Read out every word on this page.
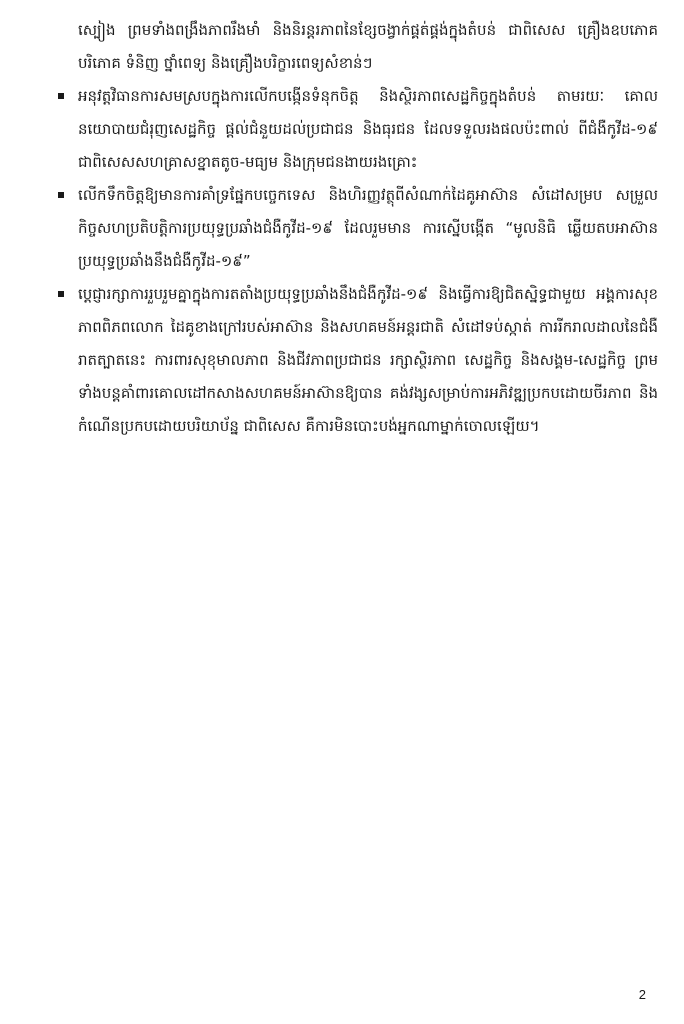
ស្បៀង ព្រមទាំងពង្រឹងភាពរឹងមាំ និងនិរន្តរភាពនៃខ្សែចង្វាក់ផ្គត់ផ្គង់ក្នុងតំបន់ ជាពិសេស គ្រឿងឧបភោគបរិភោគ ទំនិញ ថ្នាំពេទ្យ និងគ្រឿងបរិក្ខារពេទ្យសំខាន់ៗ

អនុវត្តវិធានការសមស្របក្នុងការលើកបង្កើនទំនុកចិត្ត និងស្ថិរភាពសេដ្ឋកិច្ចក្នុងតំបន់ តាមរយៈ គោលនយោបាយជំរុញសេដ្ឋកិច្ច ផ្តល់ជំនួយដល់ប្រជាជន និងធុរជន ដែលទទួលរងផលប៉ះពាល់ ពីជំងឺកូវីដ-១៩ ជាពិសេសសហគ្រាសខ្នាតតូច-មធ្យម និងក្រុមជនងាយរងគ្រោះ

លើកទឹកចិត្តឱ្យមានការគាំទ្រផ្នែកបច្ចេកទេស និងហិរញ្ញវត្ថុពីសំណាក់ដៃគូអាស៊ាន សំដៅសម្រប សម្រួលកិច្ចសហប្រតិបត្តិការប្រយុទ្ធប្រឆាំងជំងឺកូវីដ-១៩ ដែលរួមមាន ការស្នើបង្កើត “មូលនិធិ ឆ្លើយតបអាស៊ានប្រយុទ្ធប្រឆាំងនឹងជំងឺកូវីដ-១៩”

ប្តេជ្ញារក្សាការរួបរួមគ្នាក្នុងការតតាំងប្រយុទ្ធប្រឆាំងនឹងជំងឺកូវីដ-១៩ និងធ្វើការឱ្យជិតស្និទ្ធជាមួយ អង្គការសុខភាពពិភពលោក ដៃគូខាងក្រៅរបស់អាស៊ាន និងសហគមន៍អន្តរជាតិ សំដៅទប់ស្កាត់ ការរីករាលដាលនៃជំងឺរាតត្បាតនេះ ការពារសុខុមាលភាព និងជីវភាពប្រជាជន រក្សាស្ថិរភាព សេដ្ឋកិច្ច និងសង្គម-សេដ្ឋកិច្ច ព្រមទាំងបន្តគាំពារគោលដៅកសាងសហគមន៍អាស៊ានឱ្យបាន គង់វង្សសម្រាប់ការអភិវឌ្ឍប្រកបដោយចីរភាព និងកំណើនប្រកបដោយបរិយាប័ន្ន ជាពិសេស គឺការមិនបោះបង់អ្នកណាម្នាក់ចោលឡើយ។

2
